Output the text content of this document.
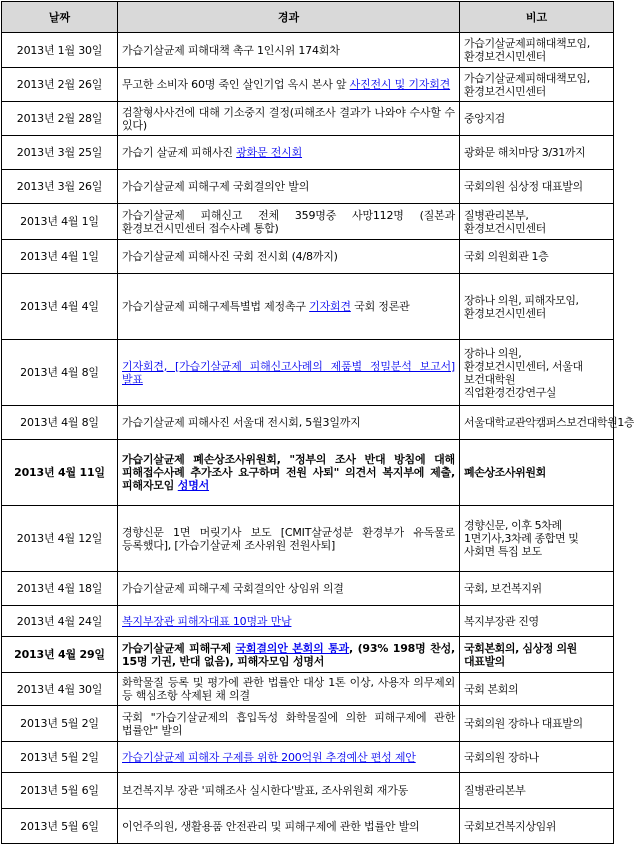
날짜	경과	비고
2013년 1월 30일	가습기살균제 피해대책 촉구 1인시위 174회차	가습기살균제피해대책모임, 환경보건시민센터
2013년 2월 26일	무고한 소비자 60명 죽인 살인기업 옥시 본사 앞 사진전시 및 기자회견	가습기살균제피해대책모임, 환경보건시민센터
2013년 2월 28일	검찰형사사건에 대해 기소중지 결정(피해조사 결과가 나와야 수사할 수 있다)	중앙지검
2013년 3월 25일	가습기 살균제 피해사진 광화문 전시회	광화문 해치마당 3/31까지
2013년 3월 26일	가습기살균제 피해구제 국회결의안 발의	국회의원 심상정 대표발의
2013년 4월 1일	가습기살균제 피해신고 전체 359명중 사망112명 (질본과 환경보건시민센터 접수사례 통합)	질병관리본부, 환경보건시민센터
2013년 4월 1일	가습기살균제 피해사진 국회 전시회 (4/8까지)	국회 의원회관 1층
2013년 4월 4일	가습기살균제 피해구제특별법 제정촉구 기자회견 국회 정론관	장하나 의원, 피해자모임, 환경보건시민센터
2013년 4월 8일	기자회견, [가습기살균제 피해신고사례의 제품별 정밀분석 보고서] 발표	장하나 의원, 환경보건시민센터, 서울대 보건대학원 직업환경건강연구실
2013년 4월 8일	가습기살균제 피해사진 서울대 전시회, 5월3일까지	서울대학교관악캠퍼스보건대학원1층
2013년 4월 11일	가습기살균제 폐손상조사위원회, "정부의 조사 반대 방침에 대해 피해접수사례 추가조사 요구하며 전원 사퇴" 의견서 복지부에 제출, 피해자모임 성명서	폐손상조사위원회
2013년 4월 12일	경향신문 1면 머릿기사 보도 [CMIT살균성분 환경부가 유독물로 등록했다], [가습기살균제 조사위원 전원사퇴]	경향신문, 이후 5차례 1면기사,3차례 종합면 및 사회면 특집 보도
2013년 4월 18일	가습기살균제 피해구제 국회결의안 상임위 의결	국회, 보건복지위
2013년 4월 24일	복지부장관 피해자대표 10명과 만남	복지부장관 진영
2013년 4월 29일	가습기살균제 피해구제 국회결의안 본회의 통과, (93% 198명 찬성, 15명 기권, 반대 없음), 피해자모임 성명서	국회본회의, 심상정 의원 대표발의
2013년 4월 30일	화학물질 등록 및 평가에 관한 법률안 대상 1톤 이상, 사용자 의무제외 등 핵심조항 삭제된 채 의결	국회 본회의
2013년 5월 2일	국회 "가습기살균제의 흡입독성 화학물질에 의한 피해구제에 관한 법률안" 발의	국회의원 장하나 대표발의
2013년 5월 2일	가습기살균제 피해자 구제를 위한 200억원 추경예산 편성 제안	국회의원 장하나
2013년 5월 6일	보건복지부 장관 '피해조사 실시한다'발표, 조사위원회 재가동	질병관리본부
2013년 5월 6일	이언주의원, 생활용품 안전관리 및 피해구제에 관한 법률안 발의	국회보건복지상임위
